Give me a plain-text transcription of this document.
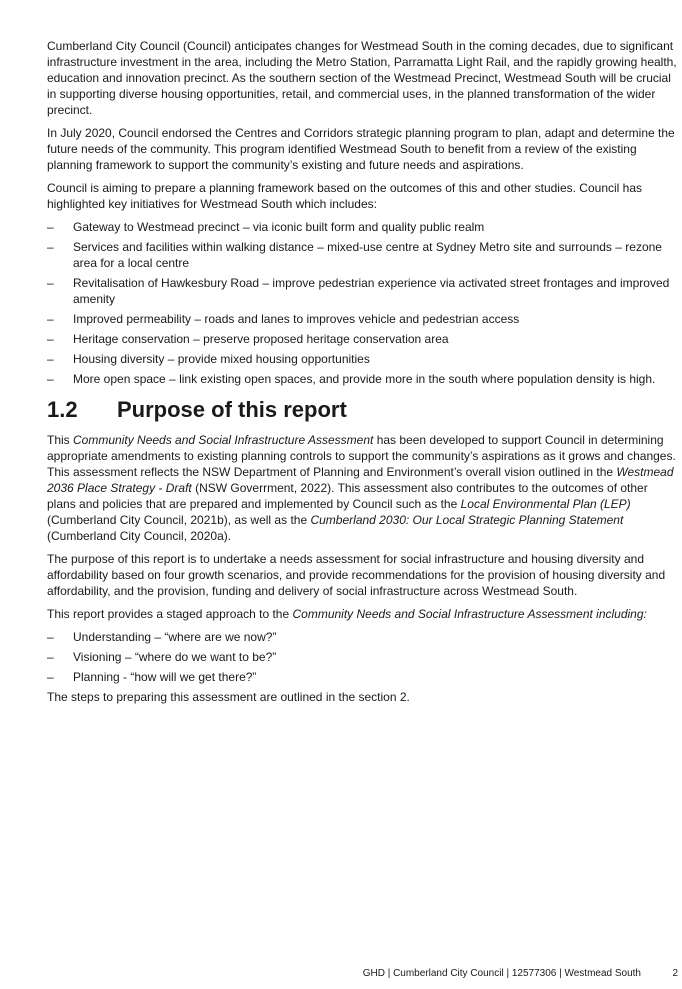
Cumberland City Council (Council) anticipates changes for Westmead South in the coming decades, due to significant infrastructure investment in the area, including the Metro Station, Parramatta Light Rail, and the rapidly growing health, education and innovation precinct. As the southern section of the Westmead Precinct, Westmead South will be crucial in supporting diverse housing opportunities, retail, and commercial uses, in the planned transformation of the wider precinct.

In July 2020, Council endorsed the Centres and Corridors strategic planning program to plan, adapt and determine the future needs of the community. This program identified Westmead South to benefit from a review of the existing planning framework to support the community’s existing and future needs and aspirations.

Council is aiming to prepare a planning framework based on the outcomes of this and other studies. Council has highlighted key initiatives for Westmead South which includes:

– Gateway to Westmead precinct – via iconic built form and quality public realm
– Services and facilities within walking distance – mixed-use centre at Sydney Metro site and surrounds – rezone area for a local centre
– Revitalisation of Hawkesbury Road – improve pedestrian experience via activated street frontages and improved amenity
– Improved permeability – roads and lanes to improves vehicle and pedestrian access
– Heritage conservation – preserve proposed heritage conservation area
– Housing diversity – provide mixed housing opportunities
– More open space – link existing open spaces, and provide more in the south where population density is high.
1.2 Purpose of this report

This Community Needs and Social Infrastructure Assessment has been developed to support Council in determining appropriate amendments to existing planning controls to support the community’s aspirations as it grows and changes. This assessment reflects the NSW Department of Planning and Environment’s overall vision outlined in the Westmead 2036 Place Strategy - Draft (NSW Goverrment, 2022). This assessment also contributes to the outcomes of other plans and policies that are prepared and implemented by Council such as the Local Environmental Plan (LEP) (Cumberland City Council, 2021b), as well as the Cumberland 2030: Our Local Strategic Planning Statement (Cumberland City Council, 2020a).

The purpose of this report is to undertake a needs assessment for social infrastructure and housing diversity and affordability based on four growth scenarios, and provide recommendations for the provision of housing diversity and affordability, and the provision, funding and delivery of social infrastructure across Westmead South.

This report provides a staged approach to the Community Needs and Social Infrastructure Assessment including:

– Understanding – “where are we now?”
– Visioning – “where do we want to be?”
– Planning - “how will we get there?”

The steps to preparing this assessment are outlined in the section 2.

GHD | Cumberland City Council | 12577306 | Westmead South	2
